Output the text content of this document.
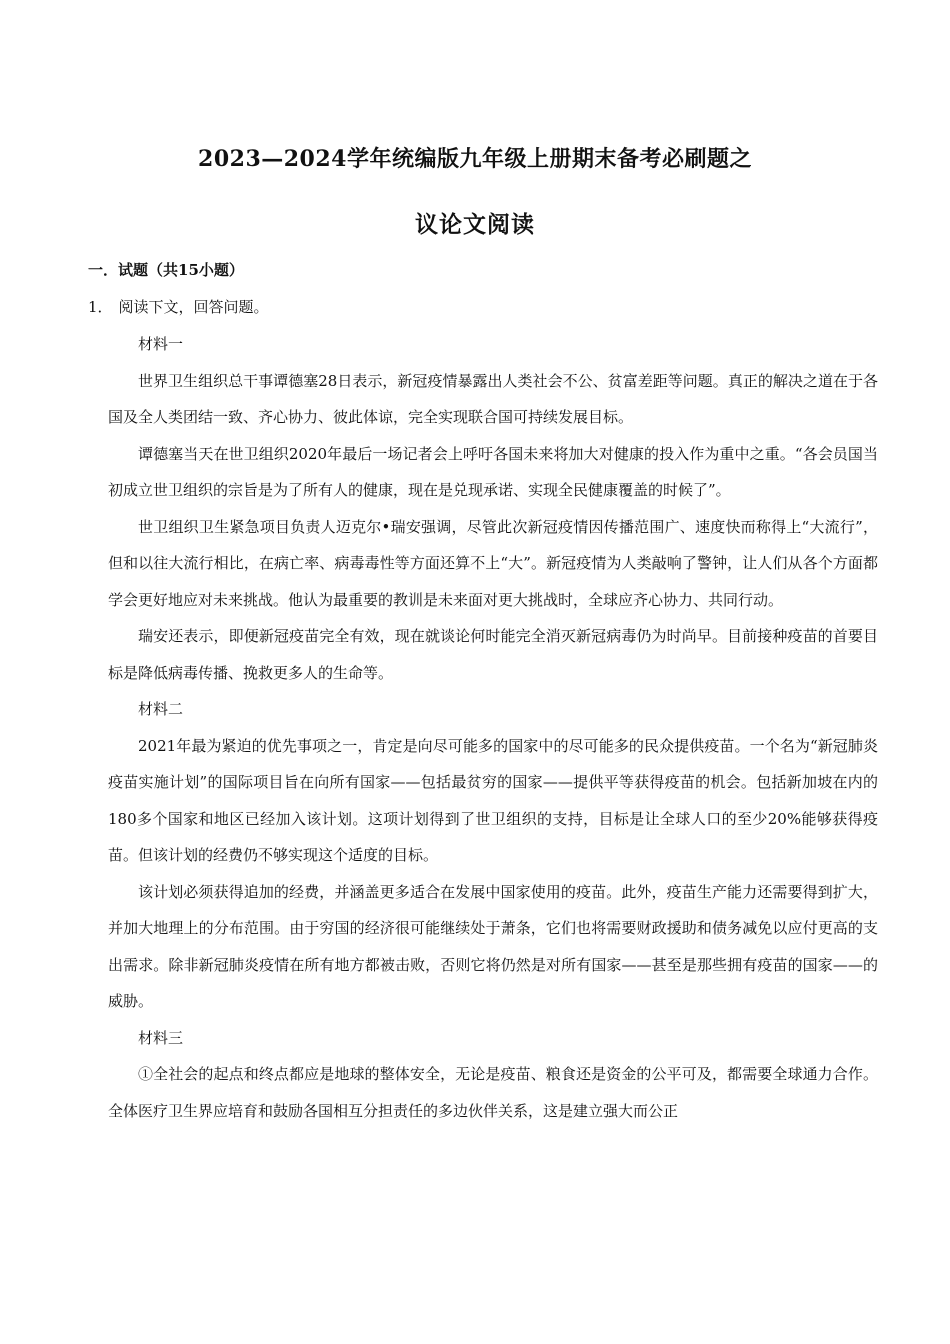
2023—2024学年统编版九年级上册期末备考必刷题之
议论文阅读
一．试题（共15小题）
1． 阅读下文，回答问题。

材料一

世界卫生组织总干事谭德塞28日表示，新冠疫情暴露出人类社会不公、贫富差距等问题。真正的解决之道在于各国及全人类团结一致、齐心协力、彼此体谅，完全实现联合国可持续发展目标。

谭德塞当天在世卫组织2020年最后一场记者会上呼吁各国未来将加大对健康的投入作为重中之重。“各会员国当初成立世卫组织的宗旨是为了所有人的健康，现在是兑现承诺、实现全民健康覆盖的时候了”。

世卫组织卫生紧急项目负责人迈克尔•瑞安强调，尽管此次新冠疫情因传播范围广、速度快而称得上“大流行”，但和以往大流行相比，在病亡率、病毒毒性等方面还算不上“大”。新冠疫情为人类敲响了警钟，让人们从各个方面都学会更好地应对未来挑战。他认为最重要的教训是未来面对更大挑战时，全球应齐心协力、共同行动。

瑞安还表示，即便新冠疫苗完全有效，现在就谈论何时能完全消灭新冠病毒仍为时尚早。目前接种疫苗的首要目标是降低病毒传播、挽救更多人的生命等。

材料二

2021年最为紧迫的优先事项之一，肯定是向尽可能多的国家中的尽可能多的民众提供疫苗。一个名为“新冠肺炎疫苗实施计划”的国际项目旨在向所有国家——包括最贫穷的国家——提供平等获得疫苗的机会。包括新加坡在内的180多个国家和地区已经加入该计划。这项计划得到了世卫组织的支持，目标是让全球人口的至少20%能够获得疫苗。但该计划的经费仍不够实现这个适度的目标。

该计划必须获得追加的经费，并涵盖更多适合在发展中国家使用的疫苗。此外，疫苗生产能力还需要得到扩大，并加大地理上的分布范围。由于穷国的经济很可能继续处于萧条，它们也将需要财政援助和债务减免以应付更高的支出需求。除非新冠肺炎疫情在所有地方都被击败，否则它将仍然是对所有国家——甚至是那些拥有疫苗的国家——的威胁。

材料三

①全社会的起点和终点都应是地球的整体安全，无论是疫苗、粮食还是资金的公平可及，都需要全球通力合作。全体医疗卫生界应培育和鼓励各国相互分担责任的多边伙伴关系，这是建立强大而公正
